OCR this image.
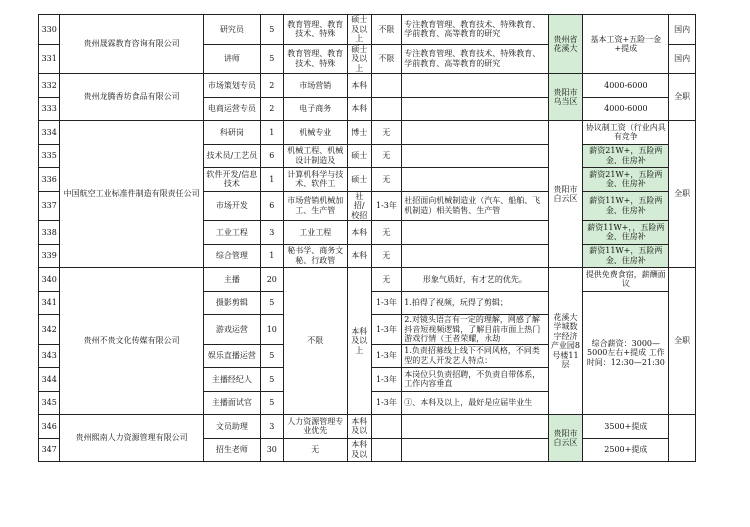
330	贵州晟霖教育咨询有限公司	研究员	5	教育管理、教育技术、特殊	硕士及以上	不限	专注教育管理、教育技术、特殊教育、学前教育、高等教育的研究	贵州省花溪大	基本工资+五险一金+提成	国内
331		讲师	5	教育管理、教育技术、特殊	硕士及以上	不限	专注教育管理、教育技术、特殊教育、学前教育、高等教育的研究			国内
332	贵州龙腾香坊食品有限公司	市场策划专员	2	市场营销	本科			贵阳市乌当区	4000-6000	全职
333		电商运营专员	2	电子商务	本科				4000-6000	
334	中国航空工业标准件制造有限责任公司	科研岗	1	机械专业	博士	无		贵阳市白云区	协议制工资（行业内具有竞争	全职
335		技术员/工艺员	6	机械工程、机械设计制造及	硕士	无			薪资21W+，五险两金、住房补	
336		软件开发/信息技术	1	计算机科学与技术、软件工	硕士	无			薪资21W+，五险两金、住房补	
337		市场开发	6	市场营销机械加工、生产管	社招/校招	1-3年	社招面向机械制造业（汽车、船舶、飞机制造）相关销售、生产管		薪资11W+，五险两金、住房补	
338		工业工程	3	工业工程	本科	无			薪资11W+，，五险两金、住房补	
339		综合管理	1	秘书学、商务文秘、行政管	本科	无			薪资11W+，五险两金、住房补	
340	贵州不贵文化传媒有限公司	主播	20	不限	本科及以上	无	形象气质好，有才艺的优先。	花溪大学城数字经济产业园8号楼11层	提供免费食宿，薪酬面议	全职
341		摄影剪辑	5			1-3年	1.拍得了视频，玩得了剪辑；		综合薪资：3000—5000左右+提成 工作时间：12:30—21:30	
342		游戏运营	10			1-3年	2.对镜头语言有一定的理解，网感了解抖音短视频逻辑，了解目前市面上热门游戏行情（王者荣耀，永劫			
343		娱乐直播运营	5			1-3年	1.负责招募线上线下不同风格，不同类型的艺人开发艺人特点：			
344		主播经纪人	5			1-3年	本岗位只负责招聘，不负责自带体系，工作内容垂直			
345		主播面试官	5			1-3年	①、本科及以上，最好是应届毕业生			
346	贵州熙南人力资源管理有限公司	文员助理	3	人力资源管理专业优先	本科及以			贵阳市白云区	3500+提成	
347		招生老师	30	无	本科及以				2500+提成	
